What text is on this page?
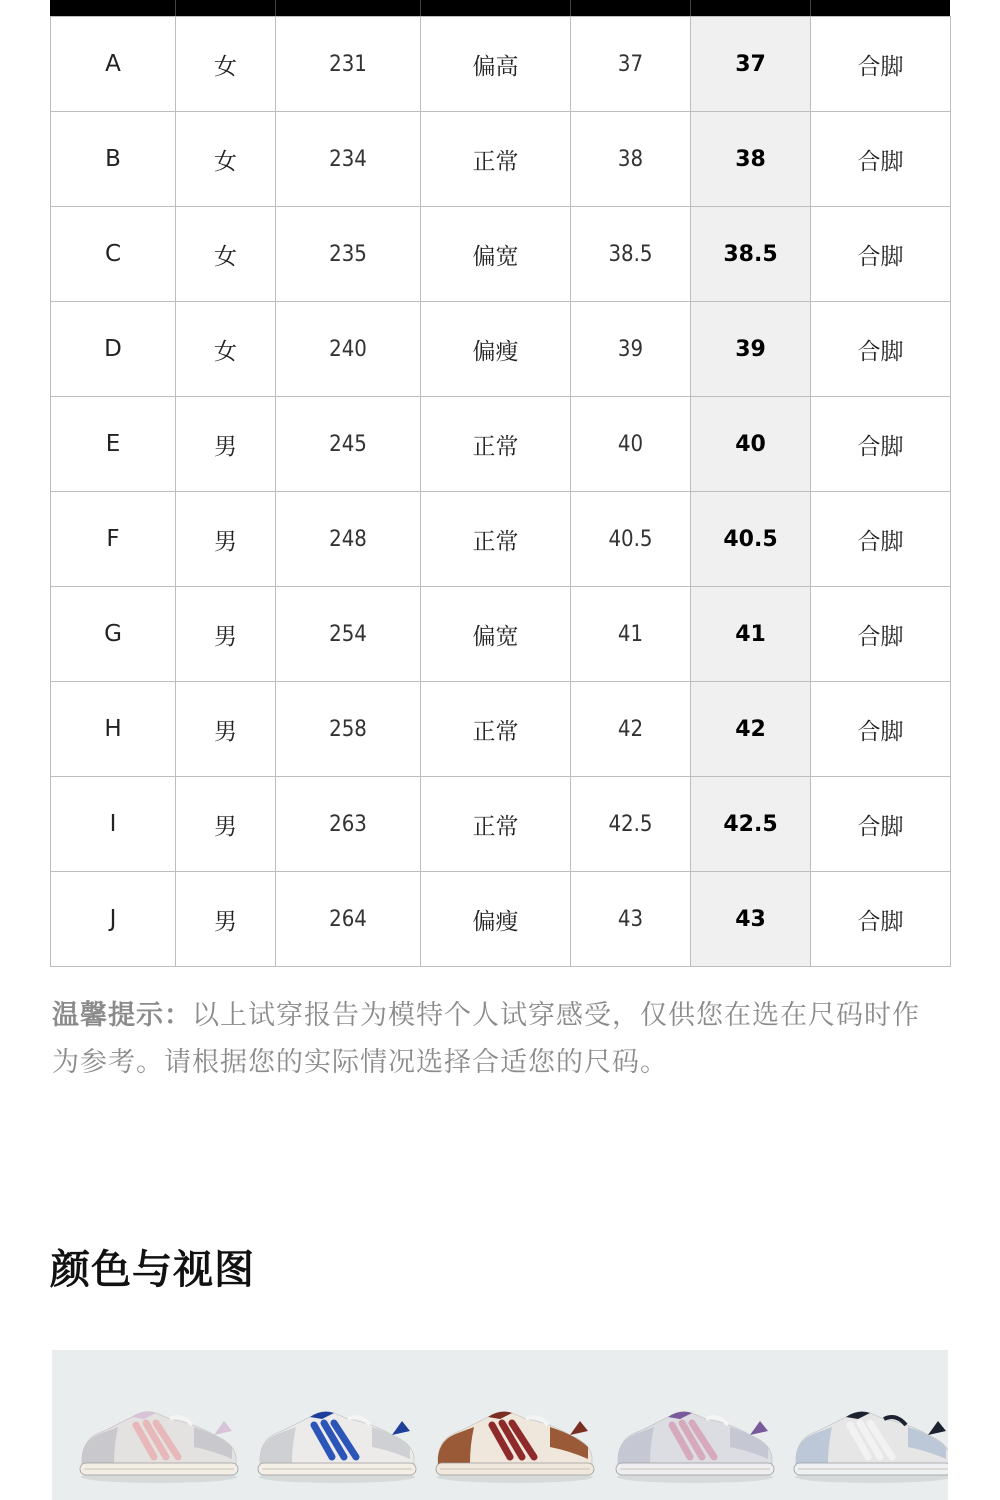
A	女	231	偏高	37	37	合脚
B	女	234	正常	38	38	合脚
C	女	235	偏宽	38.5	38.5	合脚
D	女	240	偏瘦	39	39	合脚
E	男	245	正常	40	40	合脚
F	男	248	正常	40.5	40.5	合脚
G	男	254	偏宽	41	41	合脚
H	男	258	正常	42	42	合脚
I	男	263	正常	42.5	42.5	合脚
J	男	264	偏瘦	43	43	合脚
温馨提示：以上试穿报告为模特个人试穿感受，仅供您在选在尺码时作为参考。请根据您的实际情况选择合适您的尺码。
颜色与视图
